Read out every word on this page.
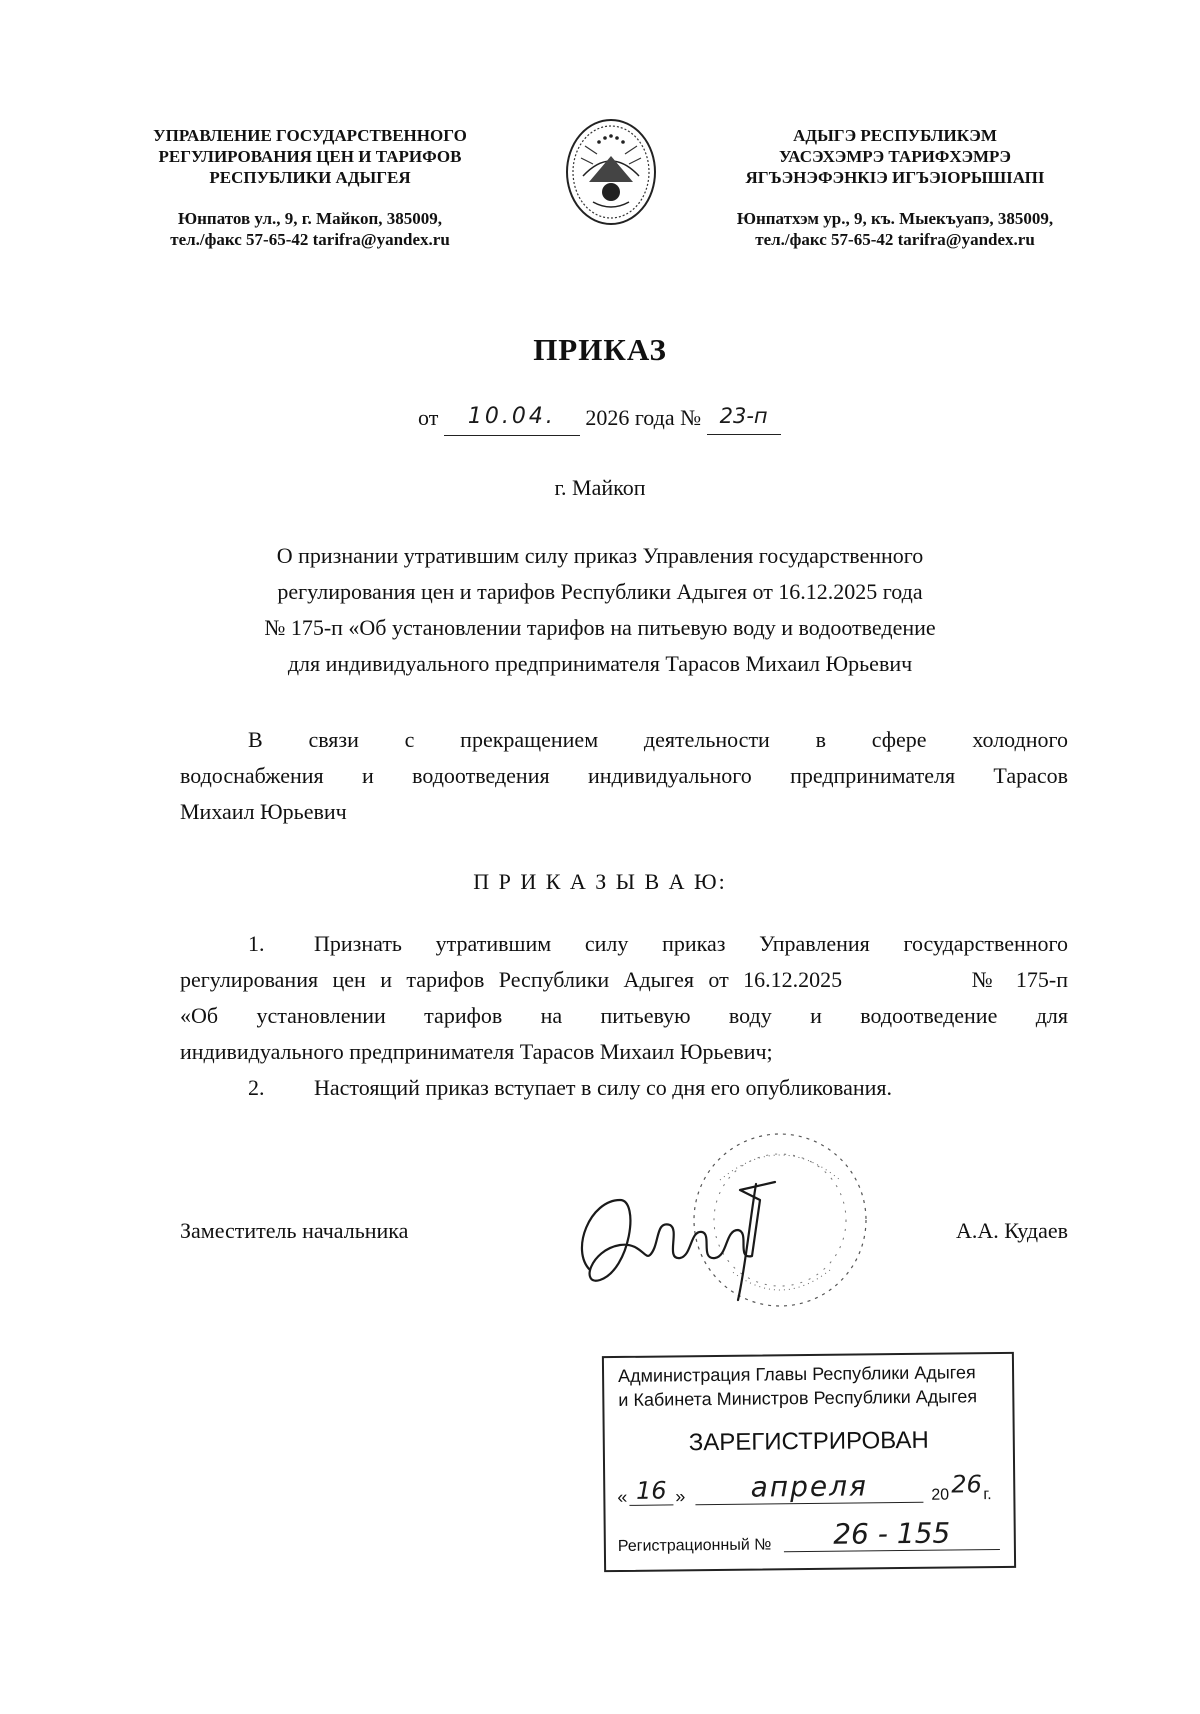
УПРАВЛЕНИЕ ГОСУДАРСТВЕННОГО
РЕГУЛИРОВАНИЯ ЦЕН И ТАРИФОВ
РЕСПУБЛИКИ АДЫГЕЯ
Юнпатов ул., 9, г. Майкоп, 385009,
тел./факс 57-65-42 tarifra@yandex.ru
АДЫГЭ РЕСПУБЛИКЭМ
УАСЭХЭМРЭ ТАРИФХЭМРЭ
ЯГЪЭНЭФЭНКІЭ ИГЪЭІОРЫШІАПІ
Юнпатхэм ур., 9, къ. Мыекъуапэ, 385009,
тел./факс 57-65-42 tarifra@yandex.ru
ПРИКАЗ
от 10.04. 2026 года № 23-п
г. Майкоп
О признании утратившим силу приказ Управления государственного
регулирования цен и тарифов Республики Адыгея от 16.12.2025 года
№ 175-п «Об установлении тарифов на питьевую воду и водоотведение
для индивидуального предпринимателя Тарасов Михаил Юрьевич
В связи с прекращением деятельности в сфере холодного
водоснабжения и водоотведения индивидуального предпринимателя Тарасов
Михаил Юрьевич
П Р И К А З Ы В А Ю:
1. Признать утратившим силу приказ Управления государственного
регулирования цен и тарифов Республики Адыгея от 16.12.2025         № 175-п
«Об установлении тарифов на питьевую воду и водоотведение для
индивидуального предпринимателя Тарасов Михаил Юрьевич;
2. Настоящий приказ вступает в силу со дня его опубликования.
Заместитель начальника	А.А. Кудаев
Администрация Главы Республики Адыгея
и Кабинета Министров Республики Адыгея
ЗАРЕГИСТРИРОВАН
« 16 »	апреля	20 26 г.
Регистрационный №	26 - 155
